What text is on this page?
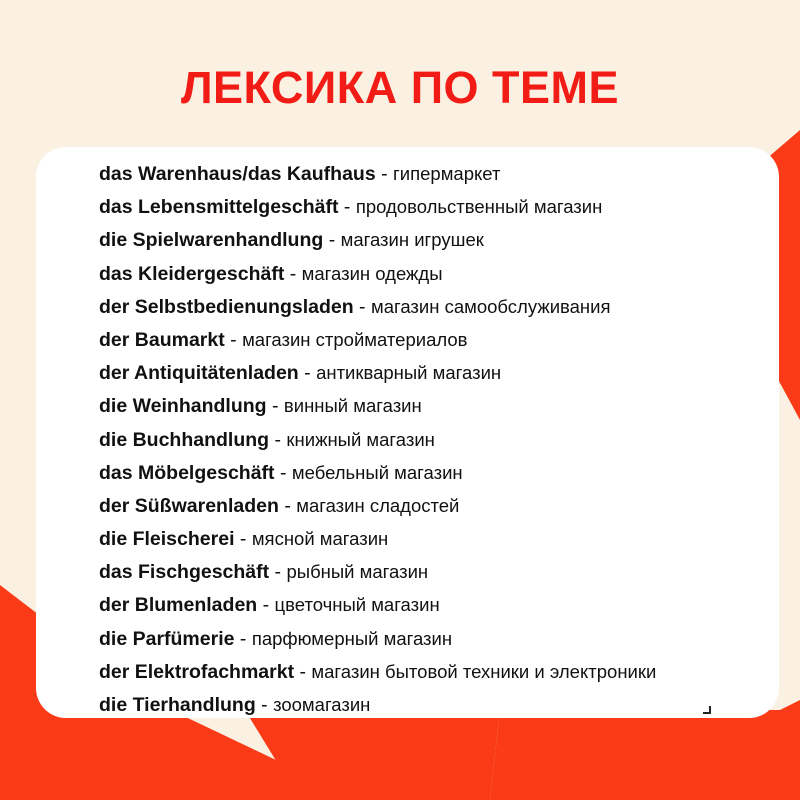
ЛЕКСИКА ПО ТЕМЕ
das Warenhaus/das Kaufhaus - гипермаркет
das Lebensmittelgeschäft - продовольственный магазин
die Spielwarenhandlung - магазин игрушек
das Kleidergeschäft - магазин одежды
der Selbstbedienungsladen - магазин самообслуживания
der Baumarkt - магазин стройматериалов
der Antiquitätenladen - антикварный магазин
die Weinhandlung - винный магазин
die Buchhandlung - книжный магазин
das Möbelgeschäft - мебельный магазин
der Süßwarenladen - магазин сладостей
die Fleischerei - мясной магазин
das Fischgeschäft - рыбный магазин
der Blumenladen - цветочный магазин
die Parfümerie - парфюмерный магазин
der Elektrofachmarkt - магазин бытовой техники и электроники
die Tierhandlung - зоомагазин
